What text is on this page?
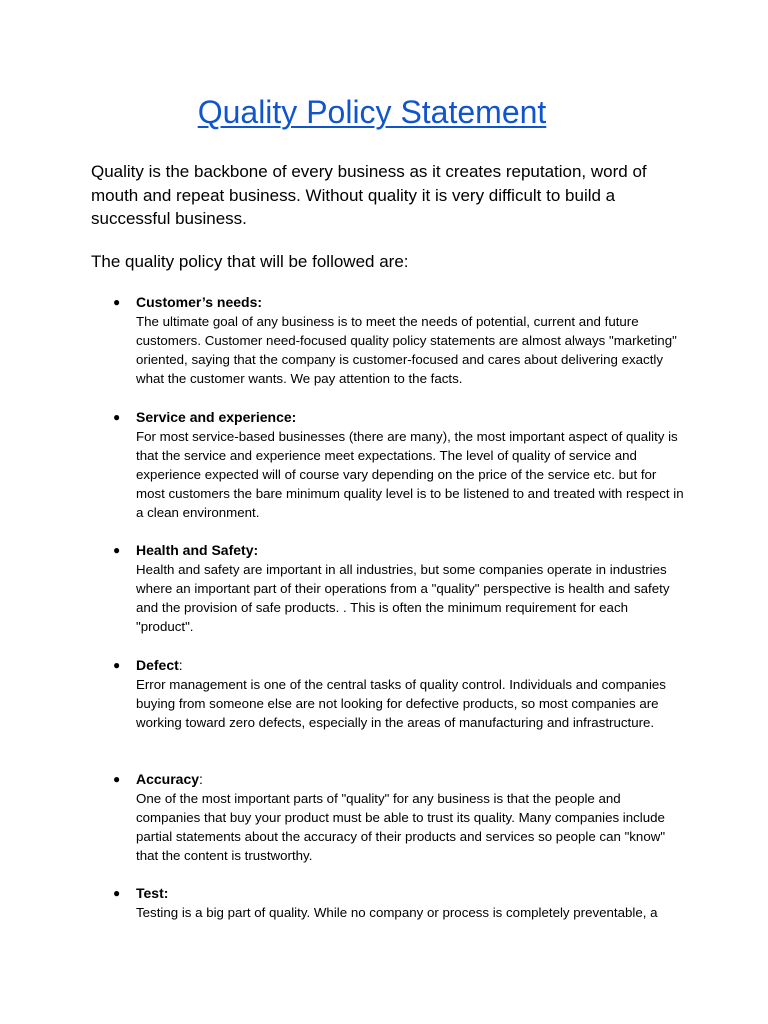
Quality Policy Statement

Quality is the backbone of every business as it creates reputation, word of mouth and repeat business. Without quality it is very difficult to build a successful business.

The quality policy that will be followed are:

● Customer’s needs:

The ultimate goal of any business is to meet the needs of potential, current and future customers. Customer need-focused quality policy statements are almost always "marketing" oriented, saying that the company is customer-focused and cares about delivering exactly what the customer wants. We pay attention to the facts.

● Service and experience:

For most service-based businesses (there are many), the most important aspect of quality is that the service and experience meet expectations. The level of quality of service and experience expected will of course vary depending on the price of the service etc. but for most customers the bare minimum quality level is to be listened to and treated with respect in a clean environment.

● Health and Safety:

Health and safety are important in all industries, but some companies operate in industries where an important part of their operations from a "quality" perspective is health and safety and the provision of safe products. . This is often the minimum requirement for each "product".

● Defect:

Error management is one of the central tasks of quality control. Individuals and companies buying from someone else are not looking for defective products, so most companies are working toward zero defects, especially in the areas of manufacturing and infrastructure.

● Accuracy:

One of the most important parts of "quality" for any business is that the people and companies that buy your product must be able to trust its quality. Many companies include partial statements about the accuracy of their products and services so people can "know" that the content is trustworthy.

● Test:

Testing is a big part of quality. While no company or process is completely preventable, a
